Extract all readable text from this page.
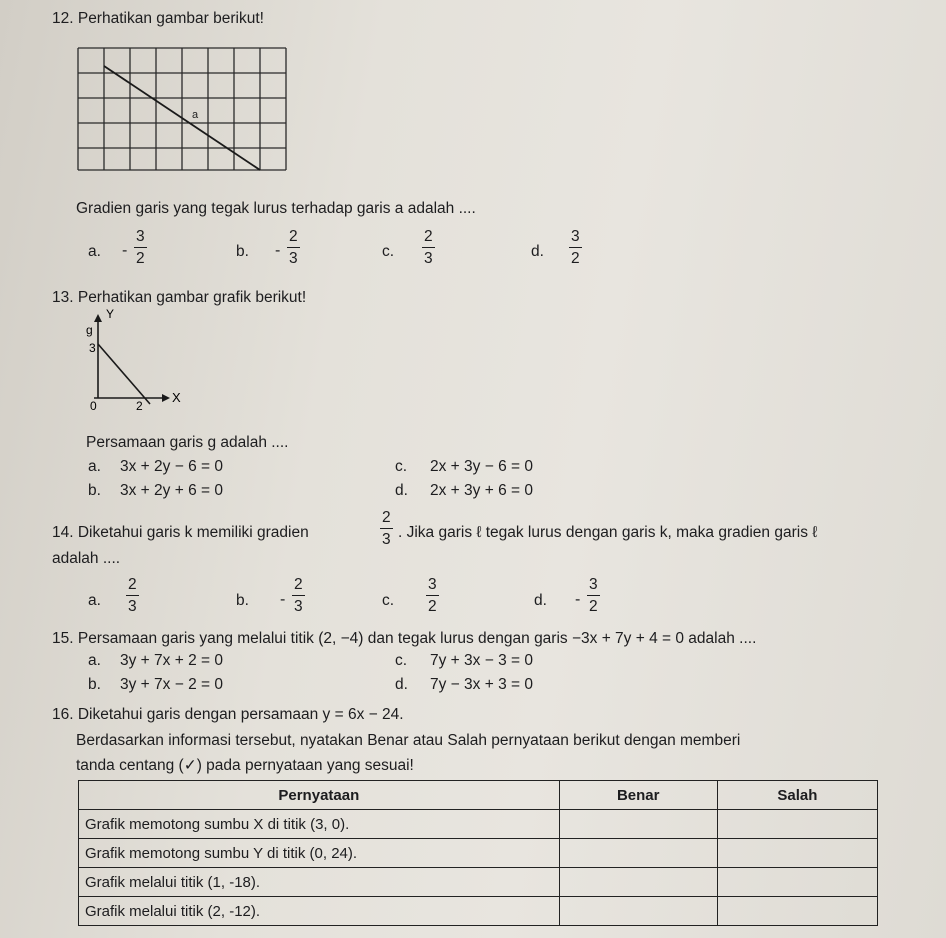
12. Perhatikan gambar berikut!
a
Gradien garis yang tegak lurus terhadap garis a adalah ....
a. - $\frac{3}{2}$	b. - $\frac{2}{3}$	c. $\frac{2}{3}$	d. $\frac{3}{2}$
13. Perhatikan gambar grafik berikut!
Y
g
3
0	2
X
Persamaan garis g adalah ....
a. 3x + 2y − 6 = 0	c. 2x + 3y − 6 = 0
b. 3x + 2y + 6 = 0	d. 2x + 3y + 6 = 0
14. Diketahui garis k memiliki gradien	$\frac{2}{3}$ . Jika garis ℓ tegak lurus dengan garis k, maka gradien garis ℓ
adalah ....
a. $\frac{2}{3}$	b. - $\frac{2}{3}$	c. $\frac{3}{2}$	d. - $\frac{3}{2}$
15. Persamaan garis yang melalui titik (2, −4) dan tegak lurus dengan garis −3x + 7y + 4 = 0 adalah ....
a. 3y + 7x + 2 = 0	c. 7y + 3x − 3 = 0
b. 3y + 7x − 2 = 0	d. 7y − 3x + 3 = 0
16. Diketahui garis dengan persamaan y = 6x − 24.
Berdasarkan informasi tersebut, nyatakan Benar atau Salah pernyataan berikut dengan memberi
tanda centang (✓) pada pernyataan yang sesuai!
Pernyataan	Benar	Salah
Grafik memotong sumbu X di titik (3, 0).		
Grafik memotong sumbu Y di titik (0, 24).		
Grafik melalui titik (1, -18).		
Grafik melalui titik (2, -12).		
